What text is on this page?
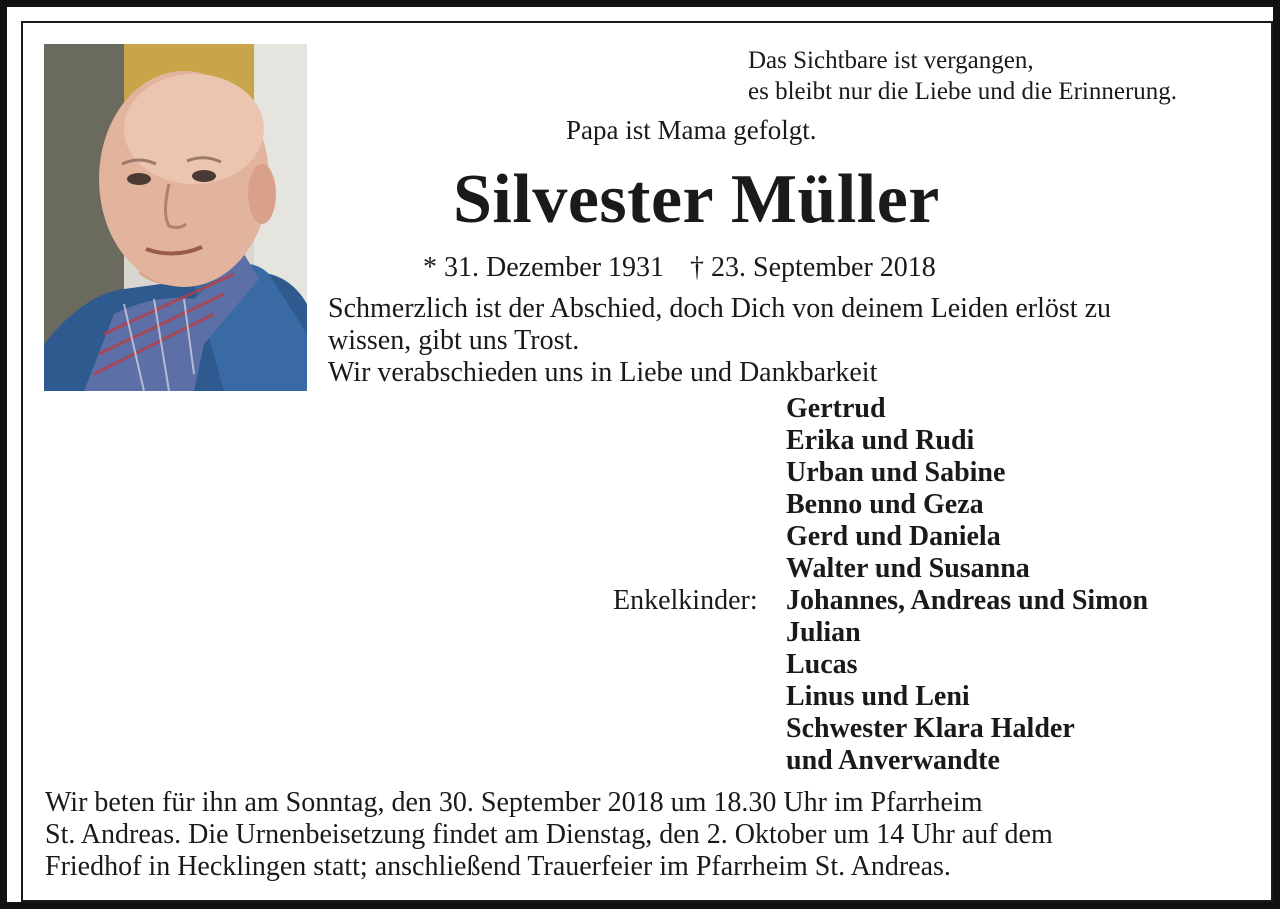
Das Sichtbare ist vergangen,
es bleibt nur die Liebe und die Erinnerung.
Papa ist Mama gefolgt.
Silvester Müller
* 31. Dezember 1931 † 23. September 2018
Schmerzlich ist der Abschied, doch Dich von deinem Leiden erlöst zu
wissen, gibt uns Trost.
Wir verabschieden uns in Liebe und Dankbarkeit
Gertrud
Erika und Rudi
Urban und Sabine
Benno und Geza
Gerd und Daniela
Walter und Susanna
Johannes, Andreas und Simon
Julian
Lucas
Linus und Leni
Schwester Klara Halder
und Anverwandte
Enkelkinder:
Wir beten für ihn am Sonntag, den 30. September 2018 um 18.30 Uhr im Pfarrheim
St. Andreas. Die Urnenbeisetzung findet am Dienstag, den 2. Oktober um 14 Uhr auf dem
Friedhof in Hecklingen statt; anschließend Trauerfeier im Pfarrheim St. Andreas.
